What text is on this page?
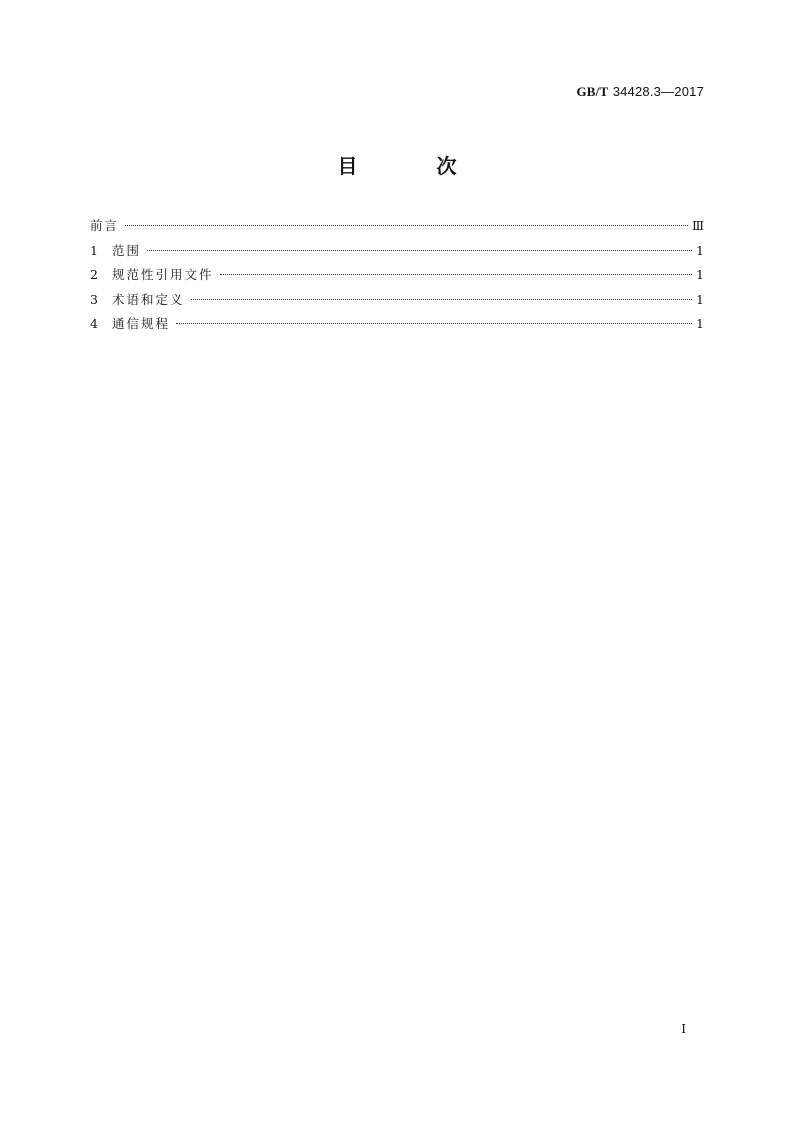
GB/T 34428.3—2017
目 次
前言	Ⅲ
1	范围	1
2	规范性引用文件	1
3	术语和定义	1
4	通信规程	1
Ⅰ
